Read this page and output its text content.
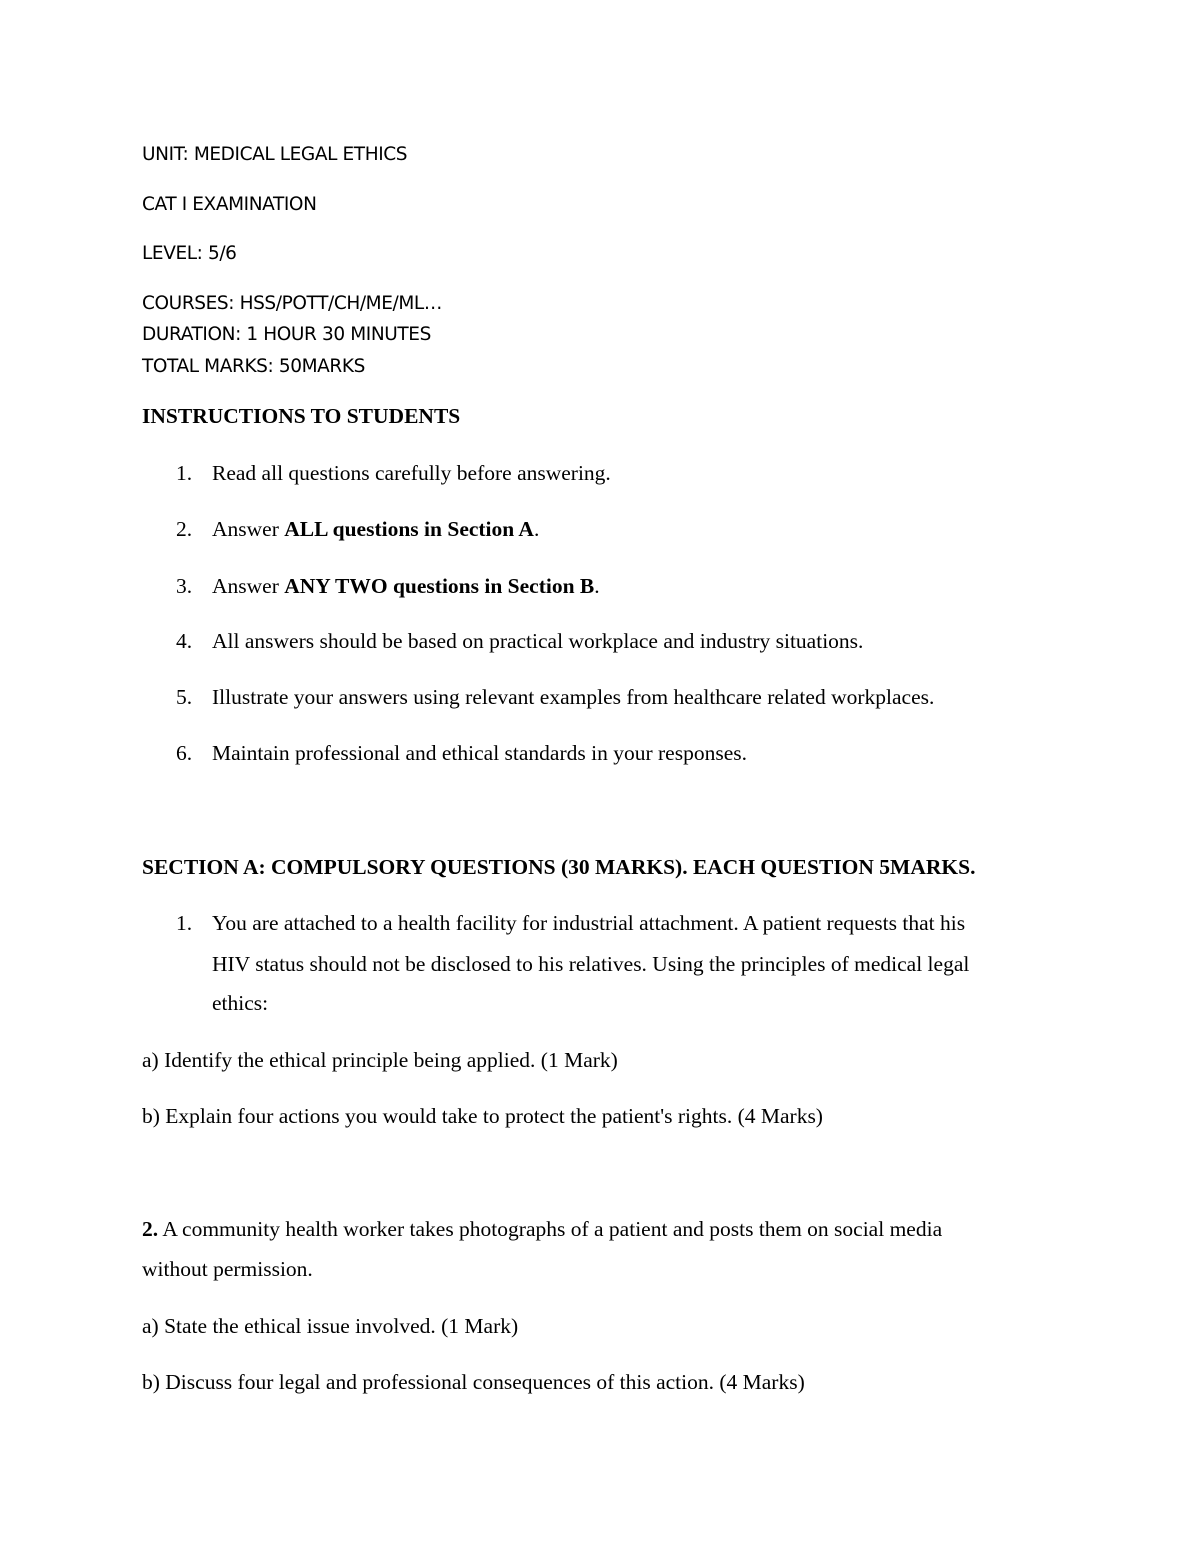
UNIT: MEDICAL LEGAL ETHICS
CAT I EXAMINATION
LEVEL: 5/6
COURSES: HSS/POTT/CH/ME/ML…
DURATION: 1 HOUR 30 MINUTES
TOTAL MARKS: 50MARKS
INSTRUCTIONS TO STUDENTS
1. Read all questions carefully before answering.
2. Answer ALL questions in Section A.
3. Answer ANY TWO questions in Section B.
4. All answers should be based on practical workplace and industry situations.
5. Illustrate your answers using relevant examples from healthcare related workplaces.
6. Maintain professional and ethical standards in your responses.
SECTION A: COMPULSORY QUESTIONS (30 MARKS). EACH QUESTION 5MARKS.
1. You are attached to a health facility for industrial attachment. A patient requests that his
HIV status should not be disclosed to his relatives. Using the principles of medical legal
ethics:
a) Identify the ethical principle being applied. (1 Mark)
b) Explain four actions you would take to protect the patient's rights. (4 Marks)
2. A community health worker takes photographs of a patient and posts them on social media
without permission.
a) State the ethical issue involved. (1 Mark)
b) Discuss four legal and professional consequences of this action. (4 Marks)
